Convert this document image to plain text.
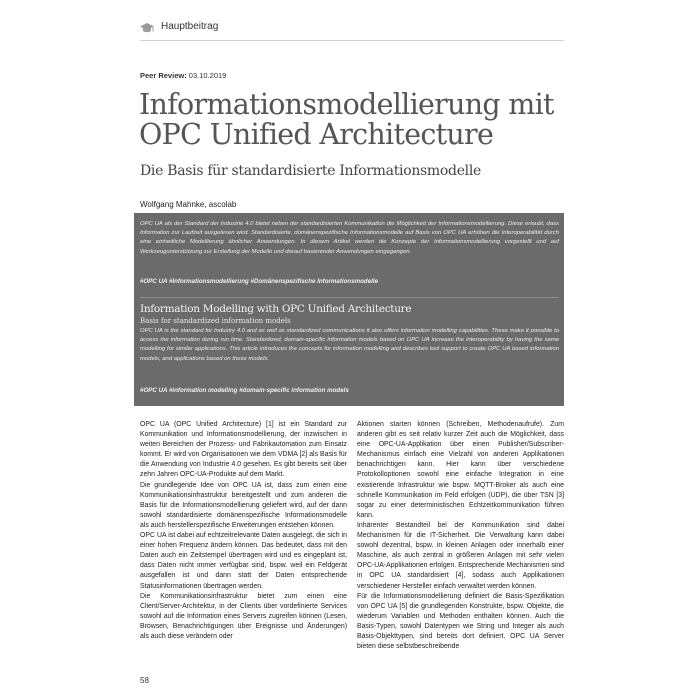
Hauptbeitrag
Peer Review: 03.10.2019
Informationsmodellierung mit OPC Unified Architecture
Die Basis für standardisierte Informationsmodelle
Wolfgang Mahnke, ascolab

OPC UA als der Standard der Industrie 4.0 bietet neben der standardisierten Kommunikation die Möglichkeit der Informationsmodellierung. Diese erlaubt, dass Information zur Laufzeit ausgelesen wird. Standardisierte, domänenspezifische Informationsmodelle auf Basis von OPC UA erhöhen die Interoperabilität durch eine einheitliche Modellierung ähnlicher Anwendungen. In diesem Artikel werden die Konzepte der Informationsmodellierung vorgestellt und auf Werkzeugunterstützung zur Erstellung der Modelle und darauf basierender Anwendungen eingegangen.

#OPC UA #Informationsmodellierung #Domänenspezifische Informationsmodelle
Information Modelling with OPC Unified Architecture
Basis for standardized information models

OPC UA is the standard for Industry 4.0 and as well as standardized communications it also offers information modelling capabilities. These make it possible to access the information during run time. Standardized, domain-specific information models based on OPC UA increase the interoperability by having the same modelling for similar applications. This article introduces the concepts for information modelling and describes tool support to create OPC UA based information models, and applications based on these models.

#OPC UA #information modelling #domain-specific information models

OPC UA (OPC Unified Architecture) [1] ist ein Standard zur Kommunikation und Informationsmodellierung, der inzwischen in weiten Bereichen der Prozess- und Fabrikautomation zum Einsatz kommt. Er wird von Organisationen wie dem VDMA [2] als Basis für die Anwendung von Industrie 4.0 gesehen. Es gibt bereits seit über zehn Jahren OPC-UA-Produkte auf dem Markt.

Die grundlegende Idee von OPC UA ist, dass zum einen eine Kommunikationsinfrastruktur bereitgestellt und zum anderen die Basis für die Informationsmodellierung geliefert wird, auf der dann sowohl standardisierte domänenspezifische Informationsmodelle als auch herstellerspezifische Erweiterungen entstehen können.

OPC UA ist dabei auf echtzeitrelevante Daten ausgelegt, die sich in einer hohen Frequenz ändern können. Das bedeutet, dass mit den Daten auch ein Zeitstempel übertragen wird und es eingeplant ist, dass Daten nicht immer verfügbar sind, bspw. weil ein Feldgerät ausgefallen ist und dann statt der Daten entsprechende Statusinformationen übertragen werden.

Die Kommunikationsinfrastruktur bietet zum einen eine Client/Server-Architektur, in der Clients über vordefinierte Services sowohl auf die Information eines Servers zugreifen können (Lesen, Browsen, Benachrichtigungen über Ereignisse und Änderungen) als auch diese verändern oder

Aktionen starten können (Schreiben, Methodenaufrufe). Zum anderen gibt es seit relativ kurzer Zeit auch die Möglichkeit, dass eine OPC-UA-Applikation über einen Publisher/Subscriber-Mechanismus einfach eine Vielzahl von anderen Applikationen benachrichtigen kann. Hier kann über verschiedene Protokolloptionen sowohl eine einfache Integration in eine existierende Infrastruktur wie bspw. MQTT-Broker als auch eine schnelle Kommunikation im Feld erfolgen (UDP), die über TSN [3] sogar zu einer deterministischen Echtzeitkommunikation führen kann.

Inhärenter Bestandteil bei der Kommunikation sind dabei Mechanismen für die IT-Sicherheit. Die Verwaltung kann dabei sowohl dezentral, bspw. in kleinen Anlagen oder innerhalb einer Maschine, als auch zentral in größeren Anlagen mit sehr vielen OPC-UA-Applikationen erfolgen. Entsprechende Mechanismen sind in OPC UA standardisiert [4], sodass auch Applikationen verschiedener Hersteller einfach verwaltet werden können.

Für die Informationsmodellierung definiert die Basis-Spezifikation von OPC UA [5] die grundlegenden Konstrukte, bspw. Objekte, die wiederum Variablen und Methoden enthalten können. Auch die Basis-Typen, sowohl Datentypen wie String und Integer als auch Basis-Objekttypen, sind bereits dort definiert. OPC UA Server bieten diese selbstbeschreibende

58
